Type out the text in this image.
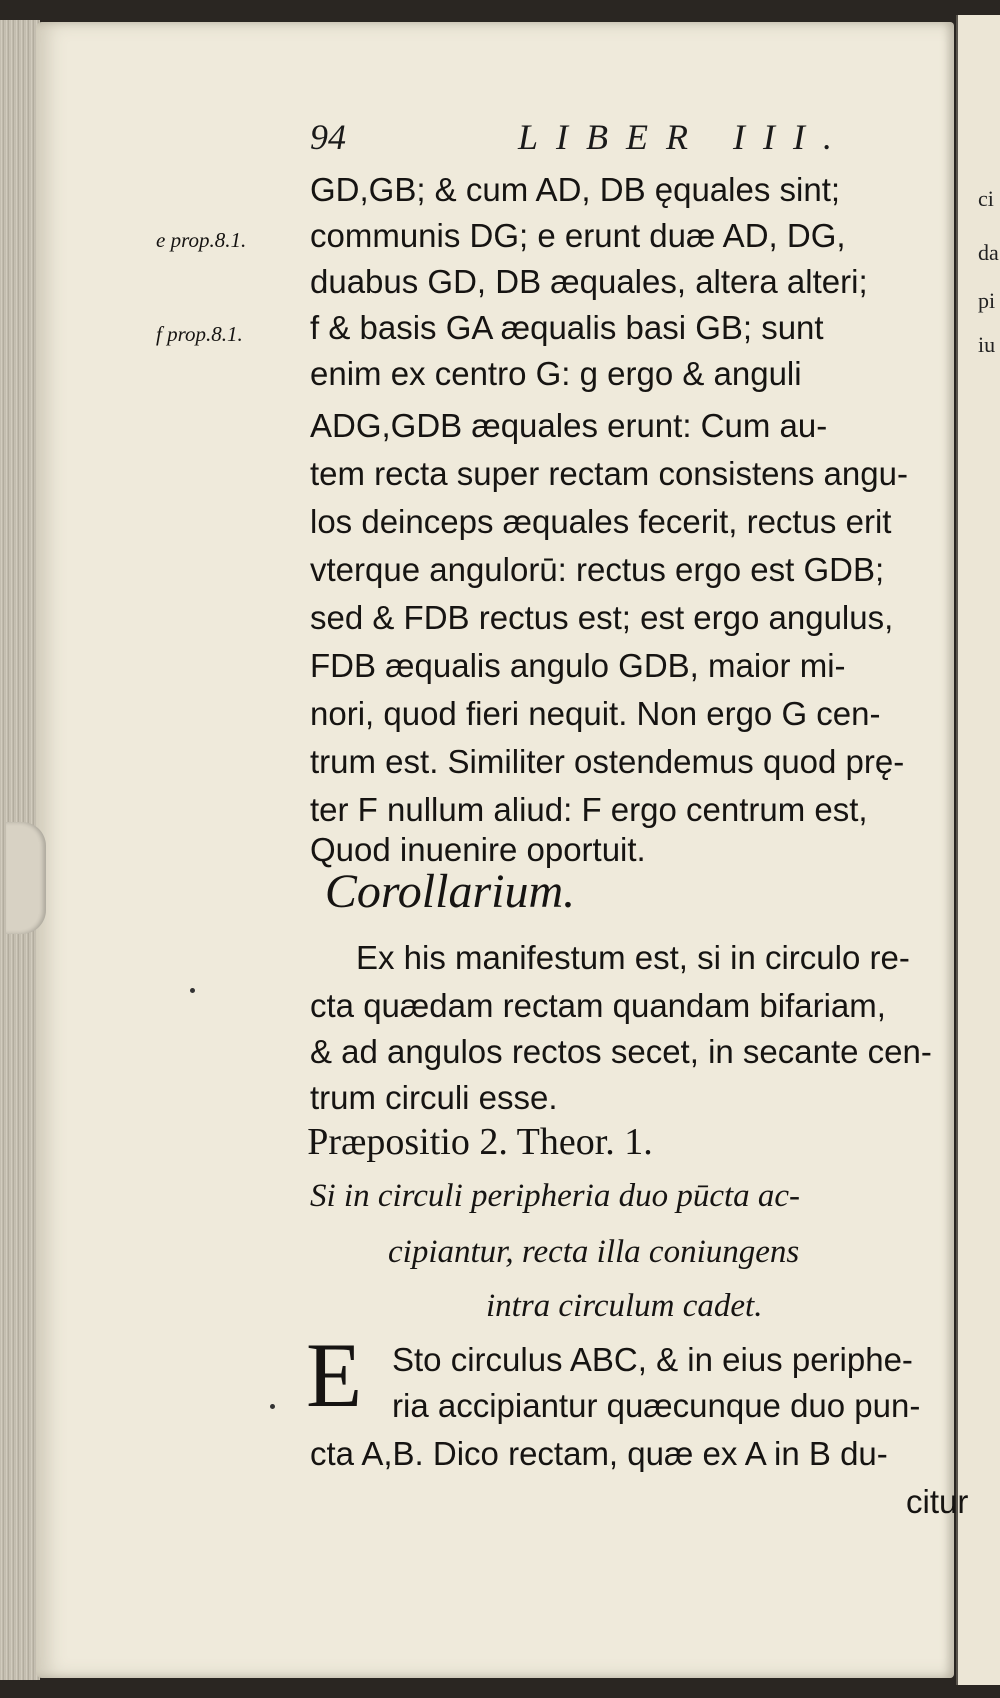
ci
da
pi
iu
94	LIBER III.
e prop.8.1.
f prop.8.1.
GD,GB; & cum AD, DB ęquales sint;
communis DG; e erunt duæ AD, DG,
duabus GD, DB æquales, altera alteri;
f & basis GA æqualis basi GB; sunt
enim ex centro G: g ergo & anguli
ADG,GDB æquales erunt: Cum au-
tem recta super rectam consistens angu-
los deinceps æquales fecerit, rectus erit
vterque angulorū: rectus ergo est GDB;
sed & FDB rectus est; est ergo angulus,
FDB æqualis angulo GDB, maior mi-
nori, quod fieri nequit. Non ergo G cen-
trum est. Similiter ostendemus quod prę-
ter F nullum aliud: F ergo centrum est,
Quod inuenire oportuit.
Corollarium.
Ex his manifestum est, si in circulo re-
cta quædam rectam quandam bifariam,
& ad angulos rectos secet, in secante cen-
trum circuli esse.
Præpositio 2. Theor. 1.
Si in circuli peripheria duo pūcta ac-
cipiantur, recta illa coniungens
intra circulum cadet.
E Sto circulus ABC, & in eius periphe-
ria accipiantur quæcunque duo pun-
cta A,B. Dico rectam, quæ ex A in B du-
citur
